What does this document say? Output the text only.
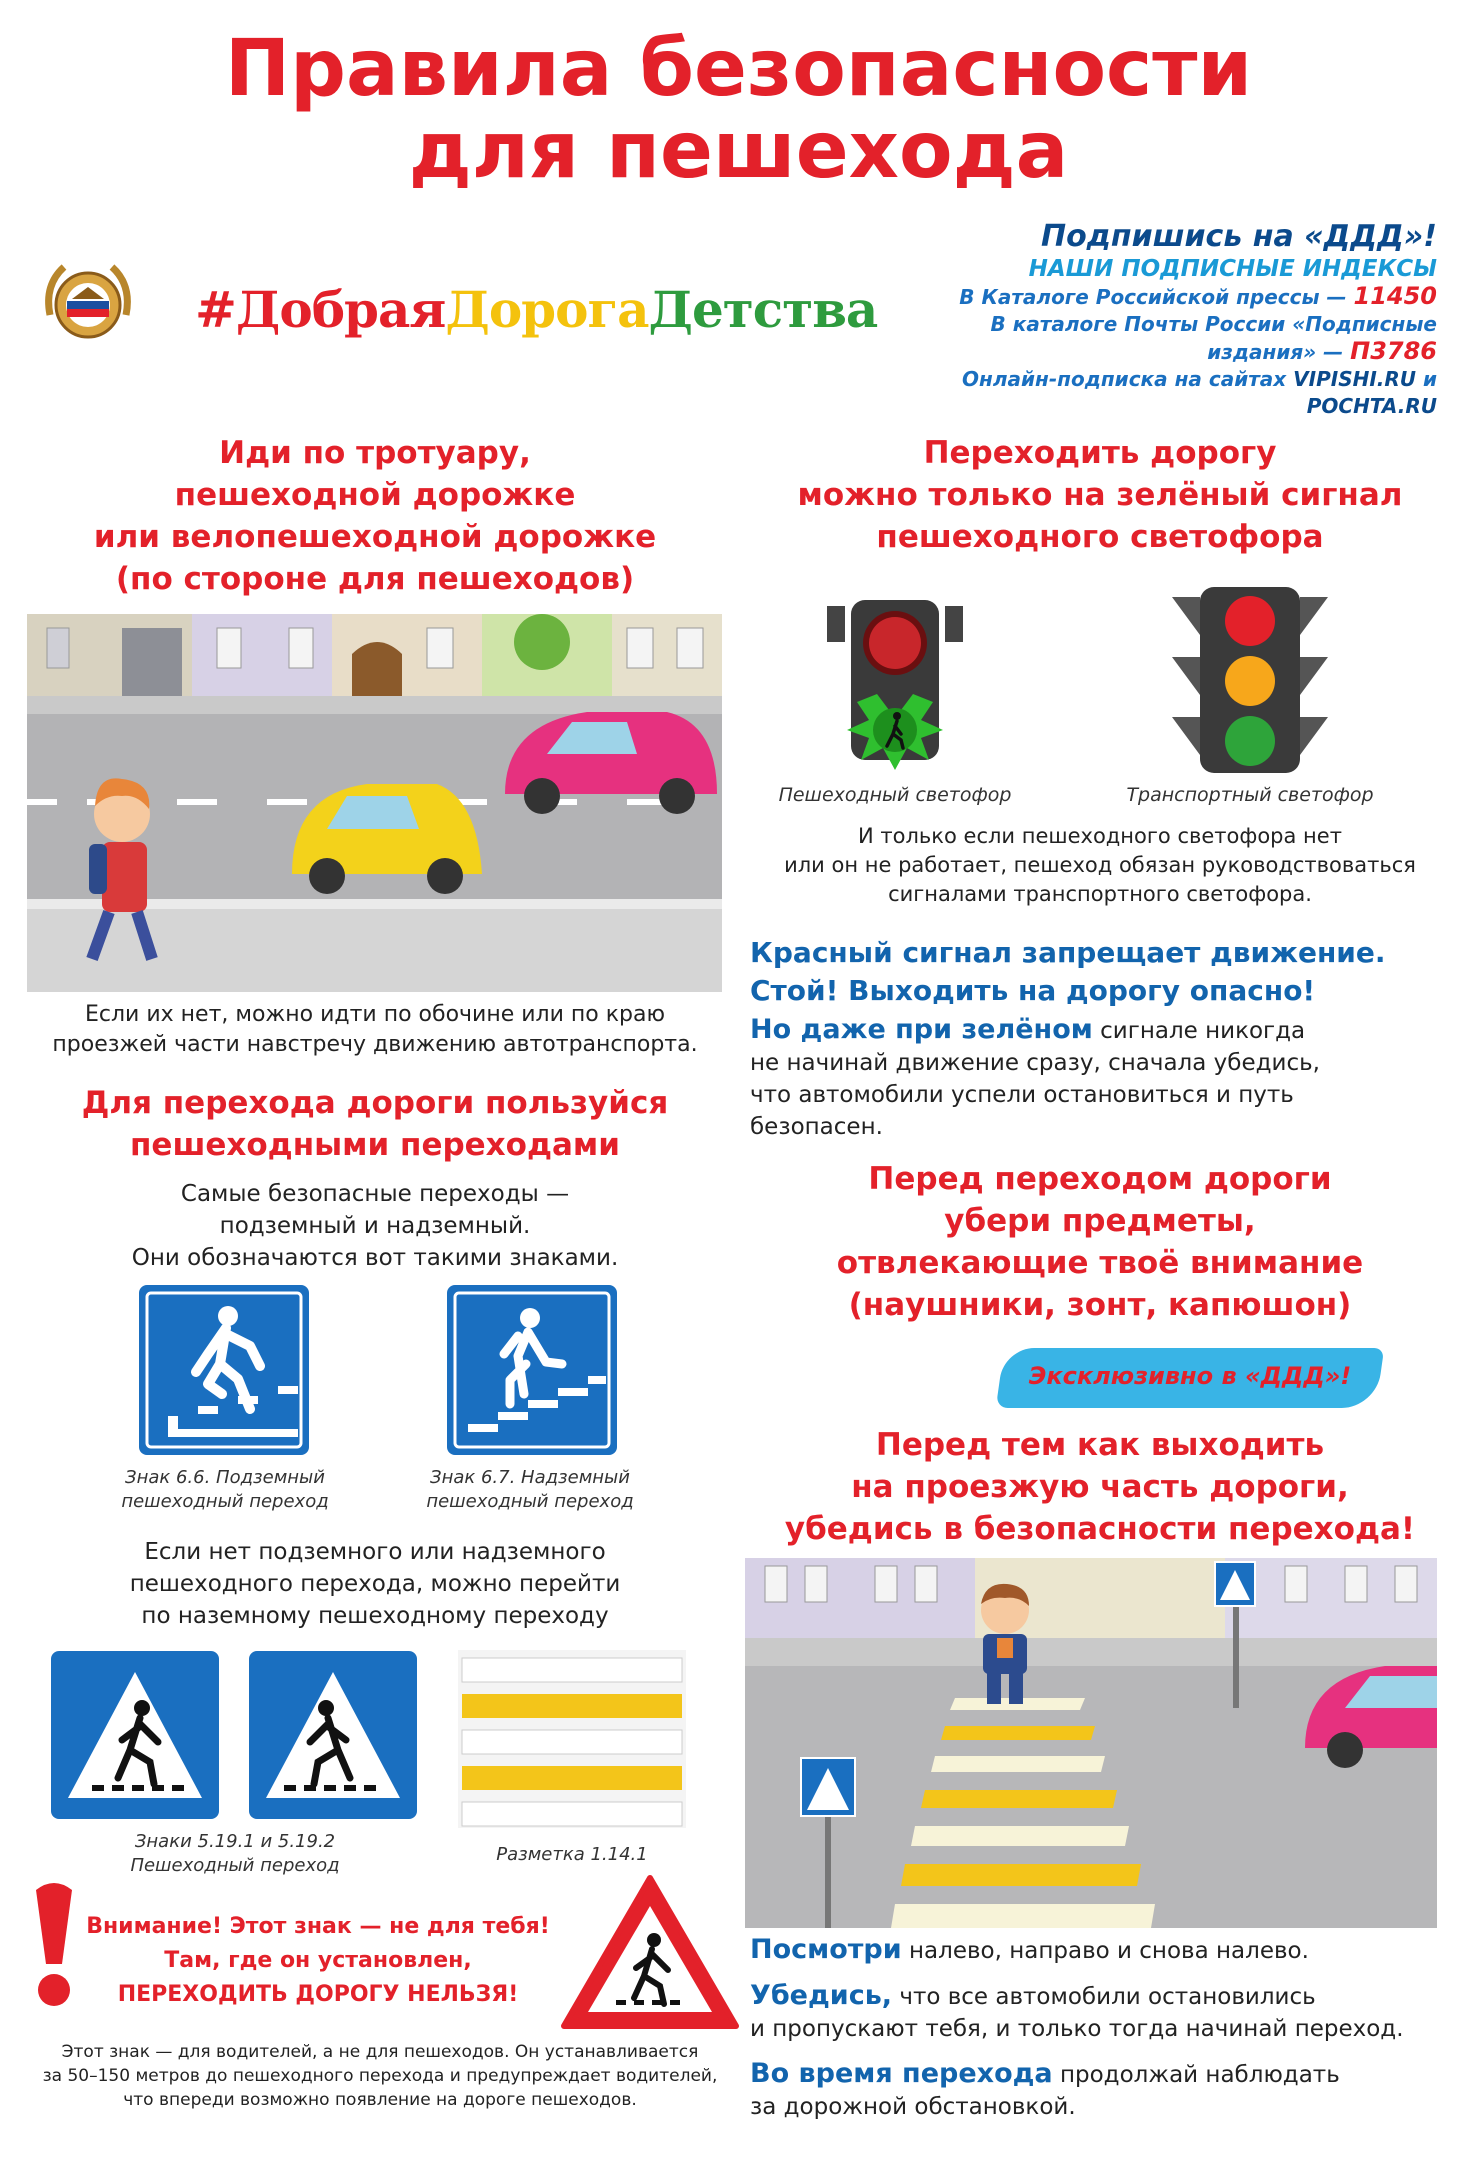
Правила безопасности
для пешехода
#ДобраяДорогаДетства
Подпишись на «ДДД»!
НАШИ ПОДПИСНЫЕ ИНДЕКСЫ
В Каталоге Российской прессы — 11450
В каталоге Почты России «Подписные издания» — П3786
Онлайн-подписка на сайтах VIPISHI.RU и POCHTA.RU
Иди по тротуару,
пешеходной дорожке
или велопешеходной дорожке
(по стороне для пешеходов)
Если их нет, можно идти по обочине или по краю
проезжей части навстречу движению автотранспорта.
Для перехода дороги пользуйся
пешеходными переходами
Самые безопасные переходы —
подземный и надземный.
Они обозначаются вот такими знаками.
Знак 6.6. Подземный
пешеходный переход
Знак 6.7. Надземный
пешеходный переход
Если нет подземного или надземного
пешеходного перехода, можно перейти
по наземному пешеходному переходу
Знаки 5.19.1 и 5.19.2
Пешеходный переход
Разметка 1.14.1
Внимание! Этот знак — не для тебя!
Там, где он установлен,
ПЕРЕХОДИТЬ ДОРОГУ НЕЛЬЗЯ!
Этот знак — для водителей, а не для пешеходов. Он устанавливается
за 50–150 метров до пешеходного перехода и предупреждает водителей,
что впереди возможно появление на дороге пешеходов.
Переходить дорогу
можно только на зелёный сигнал
пешеходного светофора
Пешеходный светофор	Транспортный светофор
И только если пешеходного светофора нет
или он не работает, пешеход обязан руководствоваться
сигналами транспортного светофора.
Красный сигнал запрещает движение.
Стой! Выходить на дорогу опасно!
Но даже при зелёном сигнале никогда
не начинай движение сразу, сначала убедись,
что автомобили успели остановиться и путь
безопасен.
Перед переходом дороги
убери предметы,
отвлекающие твоё внимание
(наушники, зонт, капюшон)
Эксклюзивно в «ДДД»!
Перед тем как выходить
на проезжую часть дороги,
убедись в безопасности перехода!
Посмотри налево, направо и снова налево.
Убедись, что все автомобили остановились
и пропускают тебя, и только тогда начинай переход.
Во время перехода продолжай наблюдать
за дорожной обстановкой.
